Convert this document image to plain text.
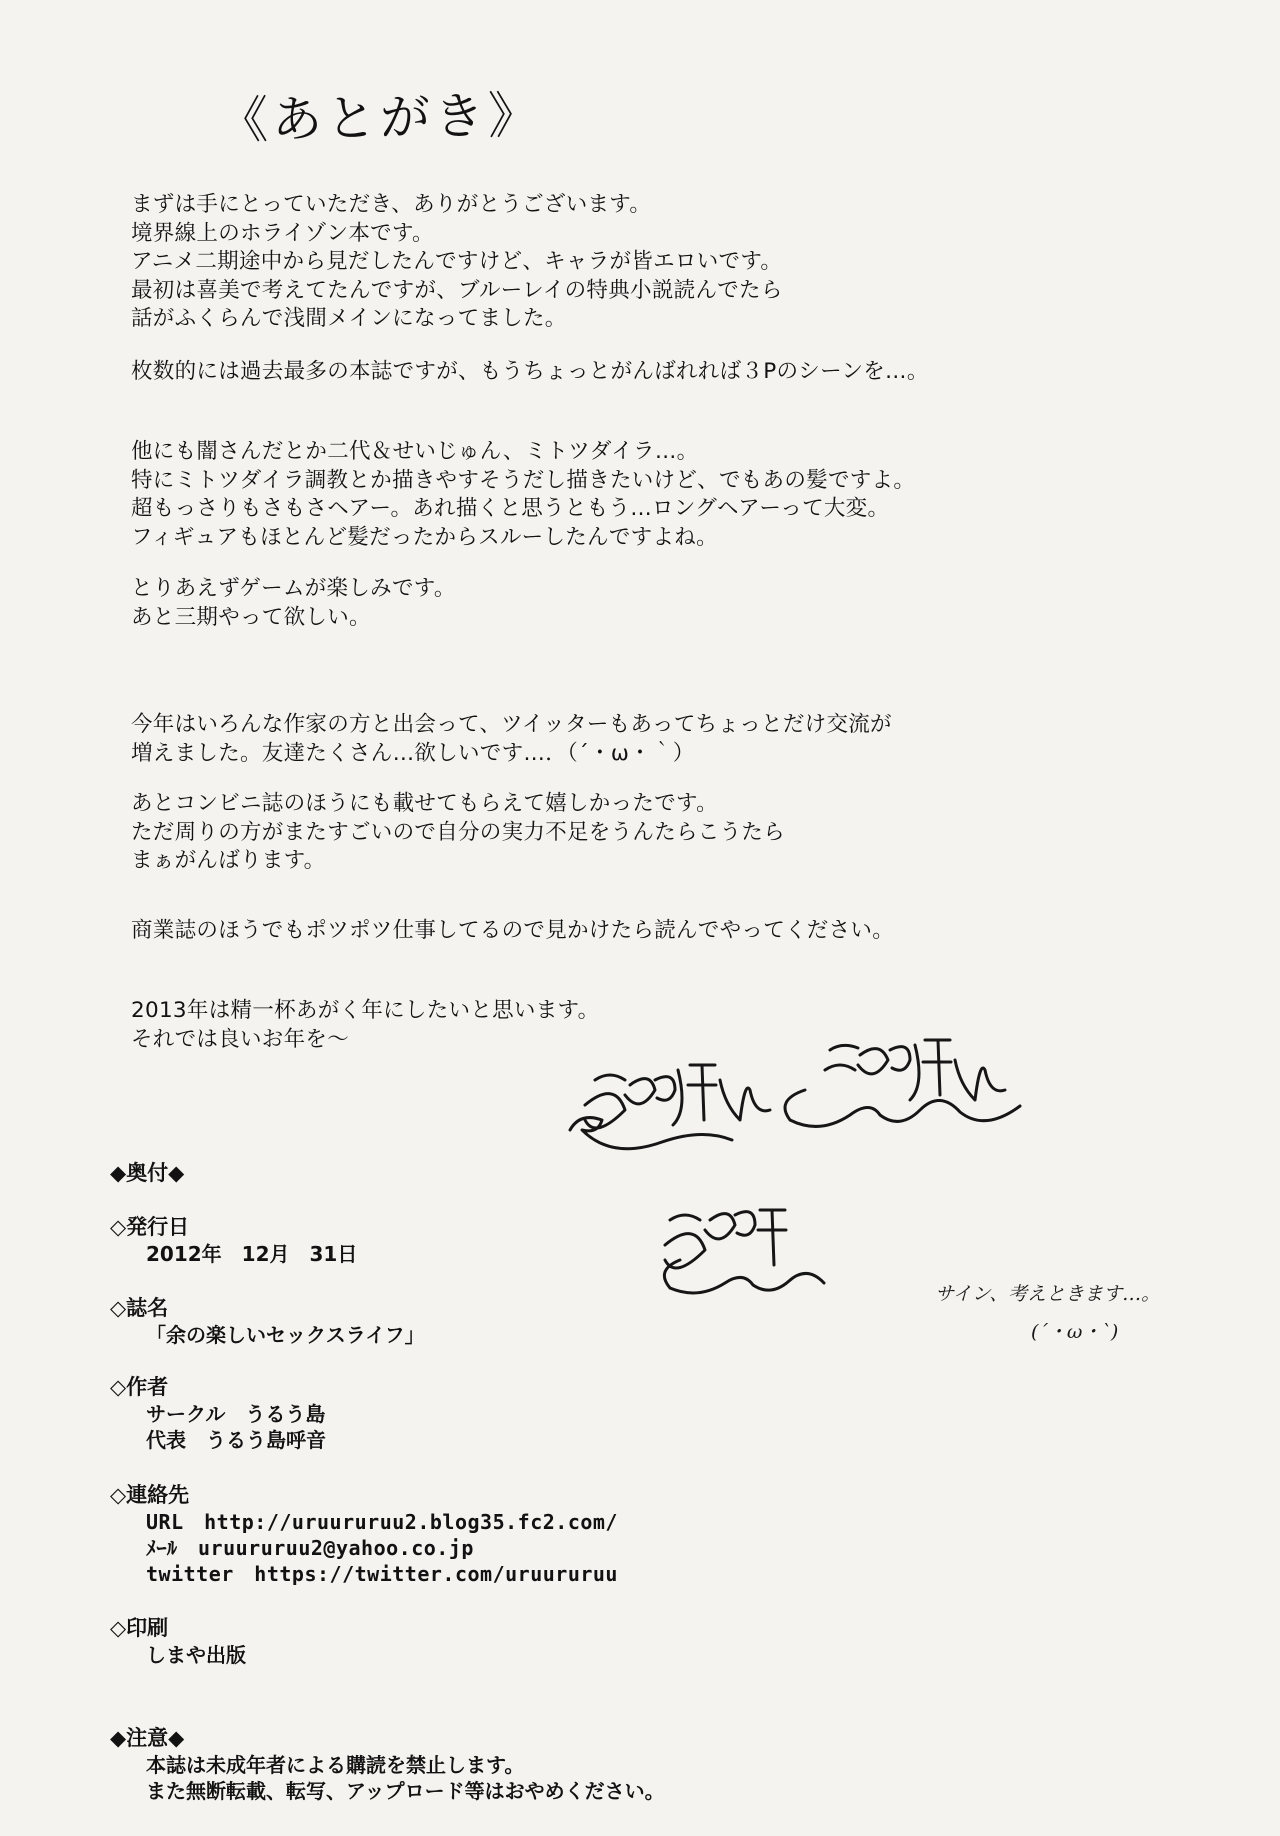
《あとがき》
まずは手にとっていただき、ありがとうございます。
境界線上のホライゾン本です。
アニメ二期途中から見だしたんですけど、キャラが皆エロいです。
最初は喜美で考えてたんですが、ブルーレイの特典小説読んでたら
話がふくらんで浅間メインになってました。
枚数的には過去最多の本誌ですが、もうちょっとがんばれれば３Pのシーンを…。
他にも闇さんだとか二代＆せいじゅん、ミトツダイラ…。
特にミトツダイラ調教とか描きやすそうだし描きたいけど、でもあの髪ですよ。
超もっさりもさもさヘアー。あれ描くと思うともう…ロングヘアーって大変。
フィギュアもほとんど髪だったからスルーしたんですよね。
とりあえずゲームが楽しみです。
あと三期やって欲しい。
今年はいろんな作家の方と出会って、ツイッターもあってちょっとだけ交流が
増えました。友達たくさん…欲しいです…．（´・ω・｀）
あとコンビニ誌のほうにも載せてもらえて嬉しかったです。
ただ周りの方がまたすごいので自分の実力不足をうんたらこうたら
まぁがんばります。
商業誌のほうでもポツポツ仕事してるので見かけたら読んでやってください。
2013年は精一杯あがく年にしたいと思います。
それでは良いお年を～
サイン、考えときます…。
(´・ω・`)
◆奥付◆
◇発行日
2012年　12月　31日
◇誌名
「余の楽しいセックスライフ」
◇作者
サークル　うるう島
代表　うるう島呼音
◇連絡先
URL　http://uruururuu2.blog35.fc2.com/
ﾒｰﾙ　uruururuu2@yahoo.co.jp
twitter　https://twitter.com/uruururuu
◇印刷
しまや出版
◆注意◆
本誌は未成年者による購読を禁止します。
また無断転載、転写、アップロード等はおやめください。
